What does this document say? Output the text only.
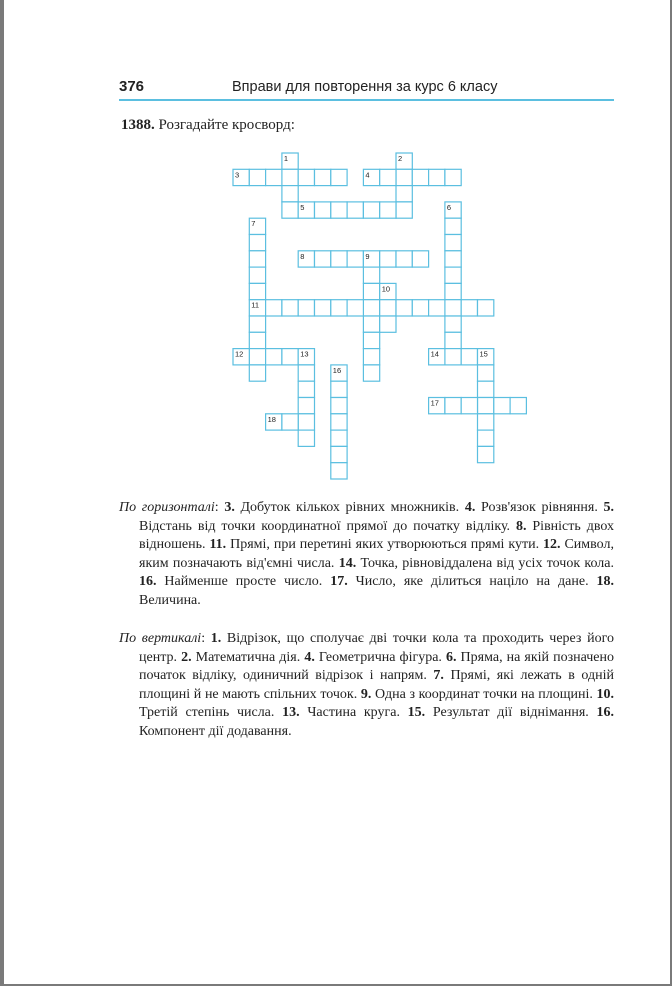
376	Вправи для повторення за курс 6 класу
1388. Розгадайте кросворд:

По горизонталі: 3. Добуток кількох рівних множників. 4. Розв'язок рівняння. 5. Відстань від точки координатної прямої до початку відліку. 8. Рівність двох відношень. 11. Прямі, при перетині яких утворюються прямі кути. 12. Символ, яким позначають від'ємні числа. 14. Точка, рівновіддалена від усіх точок кола. 16. Найменше просте число. 17. Число, яке ділиться націло на дане. 18. Величина.

По вертикалі: 1. Відрізок, що сполучає дві точки кола та проходить через його центр. 2. Математична дія. 4. Геометрична фігура. 6. Пряма, на якій позначено початок відліку, одиничний відрізок і напрям. 7. Прямі, які лежать в одній площині й не мають спільних точок. 9. Одна з координат точки на площині. 10. Третій степінь числа. 13. Частина круга. 15. Результат дії віднімання. 16. Компонент дії додавання.

1	2
3	4
5	6
7
8	9
10
11
12	13	14	15
16
17
18
